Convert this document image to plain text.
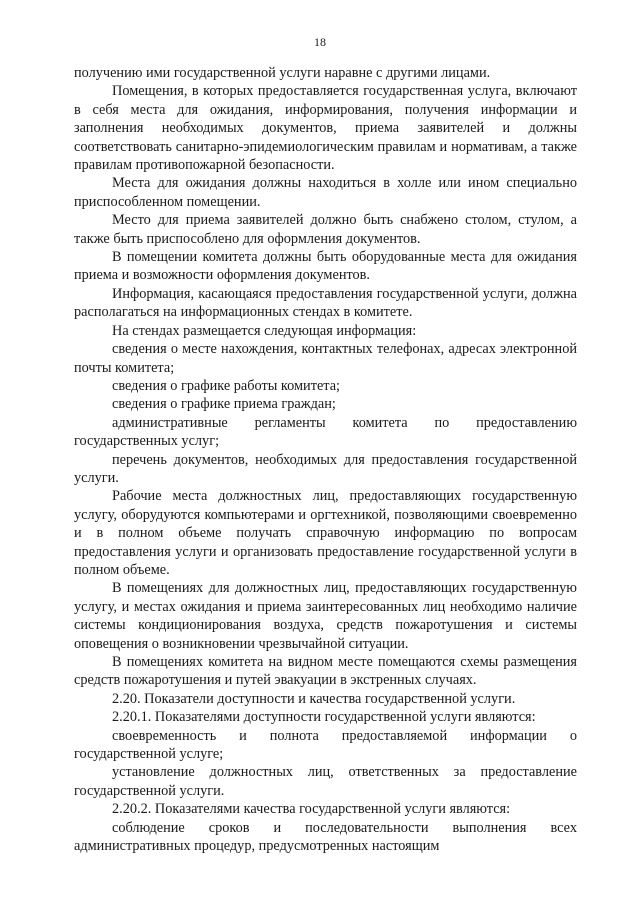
18

получению ими государственной услуги наравне с другими лицами.

Помещения, в которых предоставляется государственная услуга, включают в себя места для ожидания, информирования, получения информации и заполнения необходимых документов, приема заявителей и должны соответствовать санитарно-эпидемиологическим правилам и нормативам, а также правилам противопожарной безопасности.

Места для ожидания должны находиться в холле или ином специально приспособленном помещении.

Место для приема заявителей должно быть снабжено столом, стулом, а также быть приспособлено для оформления документов.

В помещении комитета должны быть оборудованные места для ожидания приема и возможности оформления документов.

Информация, касающаяся предоставления государственной услуги, должна располагаться на информационных стендах в комитете.

На стендах размещается следующая информация:

сведения о месте нахождения, контактных телефонах, адресах электронной почты комитета;

сведения о графике работы комитета;

сведения о графике приема граждан;

административные регламенты комитета по предоставлению государственных услуг;

перечень документов, необходимых для предоставления государственной услуги.

Рабочие места должностных лиц, предоставляющих государственную услугу, оборудуются компьютерами и оргтехникой, позволяющими своевременно и в полном объеме получать справочную информацию по вопросам предоставления услуги и организовать предоставление государственной услуги в полном объеме.

В помещениях для должностных лиц, предоставляющих государственную услугу, и местах ожидания и приема заинтересованных лиц необходимо наличие системы кондиционирования воздуха, средств пожаротушения и системы оповещения о возникновении чрезвычайной ситуации.

В помещениях комитета на видном месте помещаются схемы размещения средств пожаротушения и путей эвакуации в экстренных случаях.

2.20. Показатели доступности и качества государственной услуги.

2.20.1. Показателями доступности государственной услуги являются:

своевременность и полнота предоставляемой информации о государственной услуге;

установление должностных лиц, ответственных за предоставление государственной услуги.

2.20.2. Показателями качества государственной услуги являются:

соблюдение сроков и последовательности выполнения всех административных процедур, предусмотренных настоящим
